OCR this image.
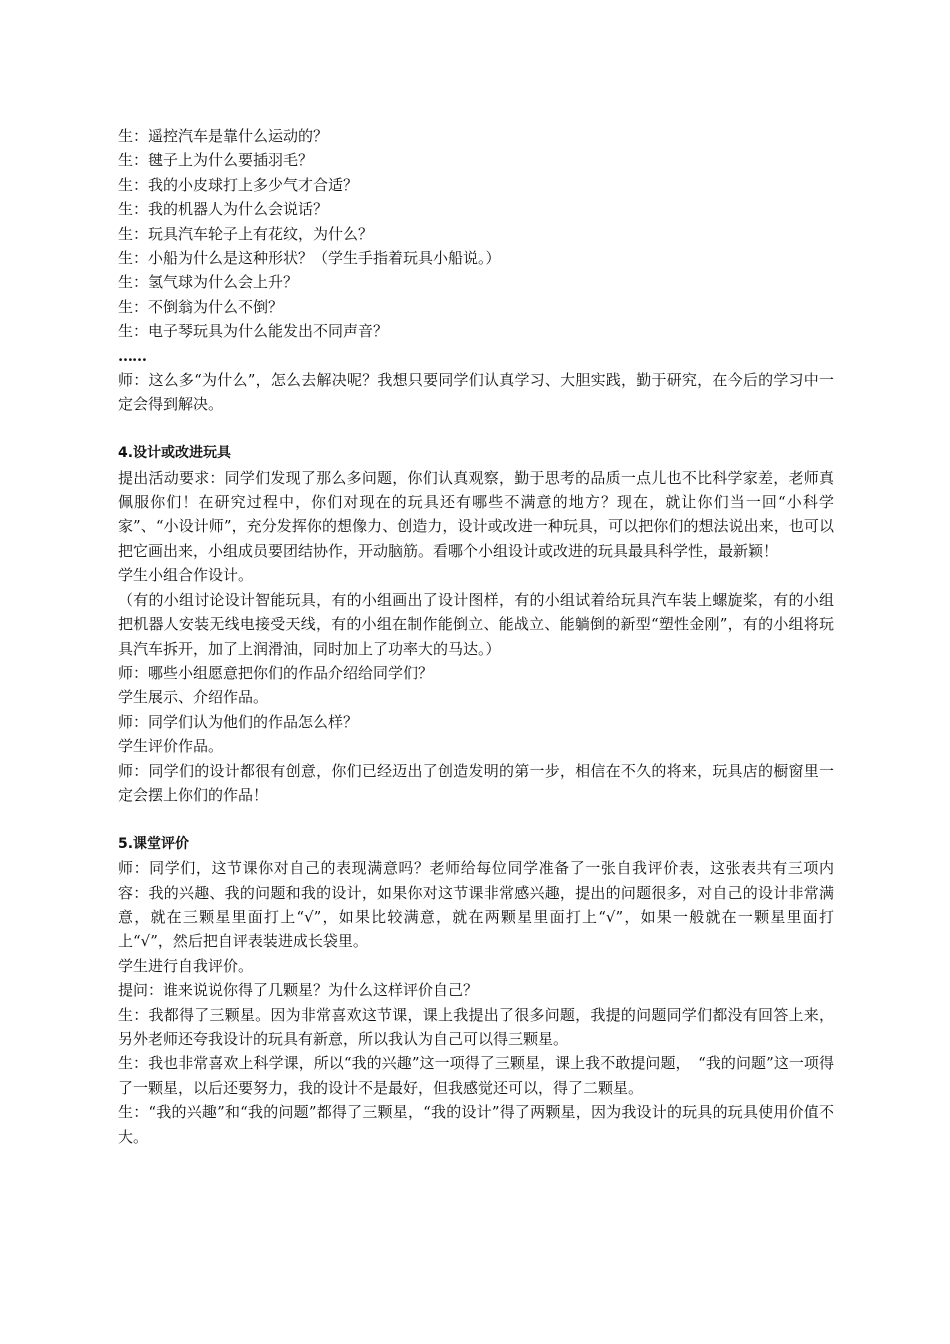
生：遥控汽车是靠什么运动的？
生：毽子上为什么要插羽毛？
生：我的小皮球打上多少气才合适？
生：我的机器人为什么会说话？
生：玩具汽车轮子上有花纹，为什么？
生：小船为什么是这种形状？（学生手指着玩具小船说。）
生：氢气球为什么会上升？
生：不倒翁为什么不倒？
生：电子琴玩具为什么能发出不同声音？
……
师：这么多“为什么”，怎么去解决呢？我想只要同学们认真学习、大胆实践，勤于研究，在今后的学习中一定会得到解决。
4.设计或改进玩具
提出活动要求：同学们发现了那么多问题，你们认真观察，勤于思考的品质一点儿也不比科学家差，老师真佩服你们！在研究过程中，你们对现在的玩具还有哪些不满意的地方？现在，就让你们当一回“小科学家”、“小设计师”，充分发挥你的想像力、创造力，设计或改进一种玩具，可以把你们的想法说出来，也可以把它画出来，小组成员要团结协作，开动脑筋。看哪个小组设计或改进的玩具最具科学性，最新颖！
学生小组合作设计。
（有的小组讨论设计智能玩具，有的小组画出了设计图样，有的小组试着给玩具汽车装上螺旋桨，有的小组把机器人安装无线电接受天线，有的小组在制作能倒立、能战立、能躺倒的新型“塑性金刚”，有的小组将玩具汽车拆开，加了上润滑油，同时加上了功率大的马达。）
师：哪些小组愿意把你们的作品介绍给同学们？
学生展示、介绍作品。
师：同学们认为他们的作品怎么样？
学生评价作品。
师：同学们的设计都很有创意，你们已经迈出了创造发明的第一步，相信在不久的将来，玩具店的橱窗里一定会摆上你们的作品！
5.课堂评价
师：同学们，这节课你对自己的表现满意吗？老师给每位同学准备了一张自我评价表，这张表共有三项内容：我的兴趣、我的问题和我的设计，如果你对这节课非常感兴趣，提出的问题很多，对自己的设计非常满意，就在三颗星里面打上“√”，如果比较满意，就在两颗星里面打上“√”，如果一般就在一颗星里面打上“√”，然后把自评表装进成长袋里。
学生进行自我评价。
提问：谁来说说你得了几颗星？为什么这样评价自己？
生：我都得了三颗星。因为非常喜欢这节课，课上我提出了很多问题，我提的问题同学们都没有回答上来，另外老师还夸我设计的玩具有新意，所以我认为自己可以得三颗星。
生：我也非常喜欢上科学课，所以“我的兴趣”这一项得了三颗星，课上我不敢提问题，　“我的问题”这一项得了一颗星，以后还要努力，我的设计不是最好，但我感觉还可以，得了二颗星。
生：“我的兴趣”和“我的问题”都得了三颗星，“我的设计”得了两颗星，因为我设计的玩具的玩具使用价值不大。
